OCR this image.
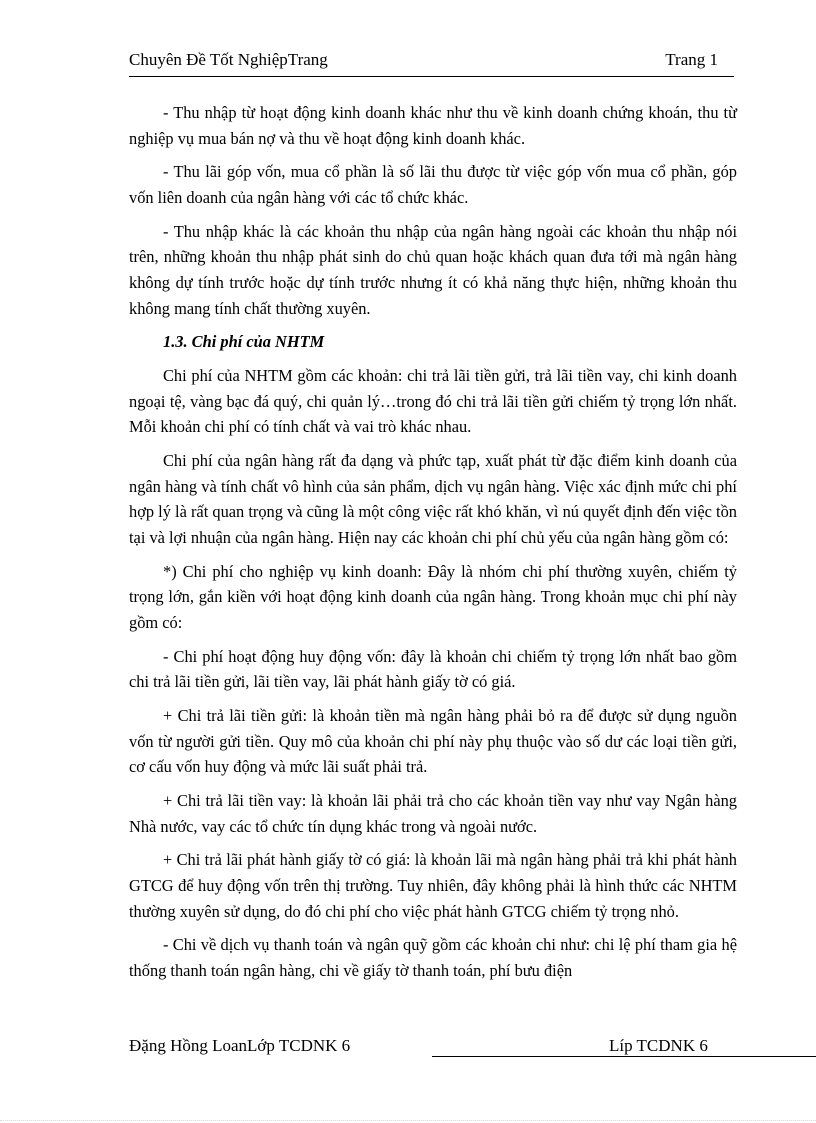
Chuyên Đề Tốt NghiệpTrang	Trang 1

- Thu nhập từ hoạt động kinh doanh khác như thu về kinh doanh chứng khoán, thu từ nghiệp vụ mua bán nợ và thu về hoạt động kinh doanh khác.

- Thu lãi góp vốn, mua cổ phần là số lãi thu được từ việc góp vốn mua cổ phần, góp vốn liên doanh của ngân hàng với các tổ chức khác.

- Thu nhập khác là các khoản thu nhập của ngân hàng ngoài các khoản thu nhập nói trên, những khoản thu nhập phát sinh do chủ quan hoặc khách quan đưa tới mà ngân hàng không dự tính trước hoặc dự tính trước nhưng ít có khả năng thực hiện, những khoản thu không mang tính chất thường xuyên.

1.3. Chi phí của NHTM

Chi phí của NHTM gồm các khoản: chi trả lãi tiền gửi, trả lãi tiền vay, chi kinh doanh ngoại tệ, vàng bạc đá quý, chi quản lý…trong đó chi trả lãi tiền gửi chiếm tỷ trọng lớn nhất. Mỗi khoản chi phí có tính chất và vai trò khác nhau.

Chi phí của ngân hàng rất đa dạng và phức tạp, xuất phát từ đặc điểm kinh doanh của ngân hàng và tính chất vô hình của sản phẩm, dịch vụ ngân hàng. Việc xác định mức chi phí hợp lý là rất quan trọng và cũng là một công việc rất khó khăn, vì nú quyết định đến việc tồn tại và lợi nhuận của ngân hàng. Hiện nay các khoản chi phí chủ yếu của ngân hàng gồm có:

*) Chi phí cho nghiệp vụ kinh doanh: Đây là nhóm chi phí thường xuyên, chiếm tỷ trọng lớn, gắn kiền với hoạt động kinh doanh của ngân hàng. Trong khoản mục chi phí này gồm có:

- Chi phí hoạt động huy động vốn: đây là khoản chi chiếm tỷ trọng lớn nhất bao gồm chi trả lãi tiền gửi, lãi tiền vay, lãi phát hành giấy tờ có giá.

+ Chi trả lãi tiền gửi: là khoản tiền mà ngân hàng phải bỏ ra để được sử dụng nguồn vốn từ người gửi tiền. Quy mô của khoản chi phí này phụ thuộc vào số dư các loại tiền gửi, cơ cấu vốn huy động và mức lãi suất phải trả.

+ Chi trả lãi tiền vay: là khoản lãi phải trả cho các khoản tiền vay như vay Ngân hàng Nhà nước, vay các tổ chức tín dụng khác trong và ngoài nước.

+ Chi trả lãi phát hành giấy tờ có giá: là khoản lãi mà ngân hàng phải trả khi phát hành GTCG để huy động vốn trên thị trường. Tuy nhiên, đây không phải là hình thức các NHTM thường xuyên sử dụng, do đó chi phí cho việc phát hành GTCG chiếm tỷ trọng nhỏ.

- Chi về dịch vụ thanh toán và ngân quỹ gồm các khoản chi như: chi lệ phí tham gia hệ thống thanh toán ngân hàng, chi về giấy tờ thanh toán, phí bưu điện

Đặng Hồng LoanLớp TCDNK 6	Líp TCDNK 6
